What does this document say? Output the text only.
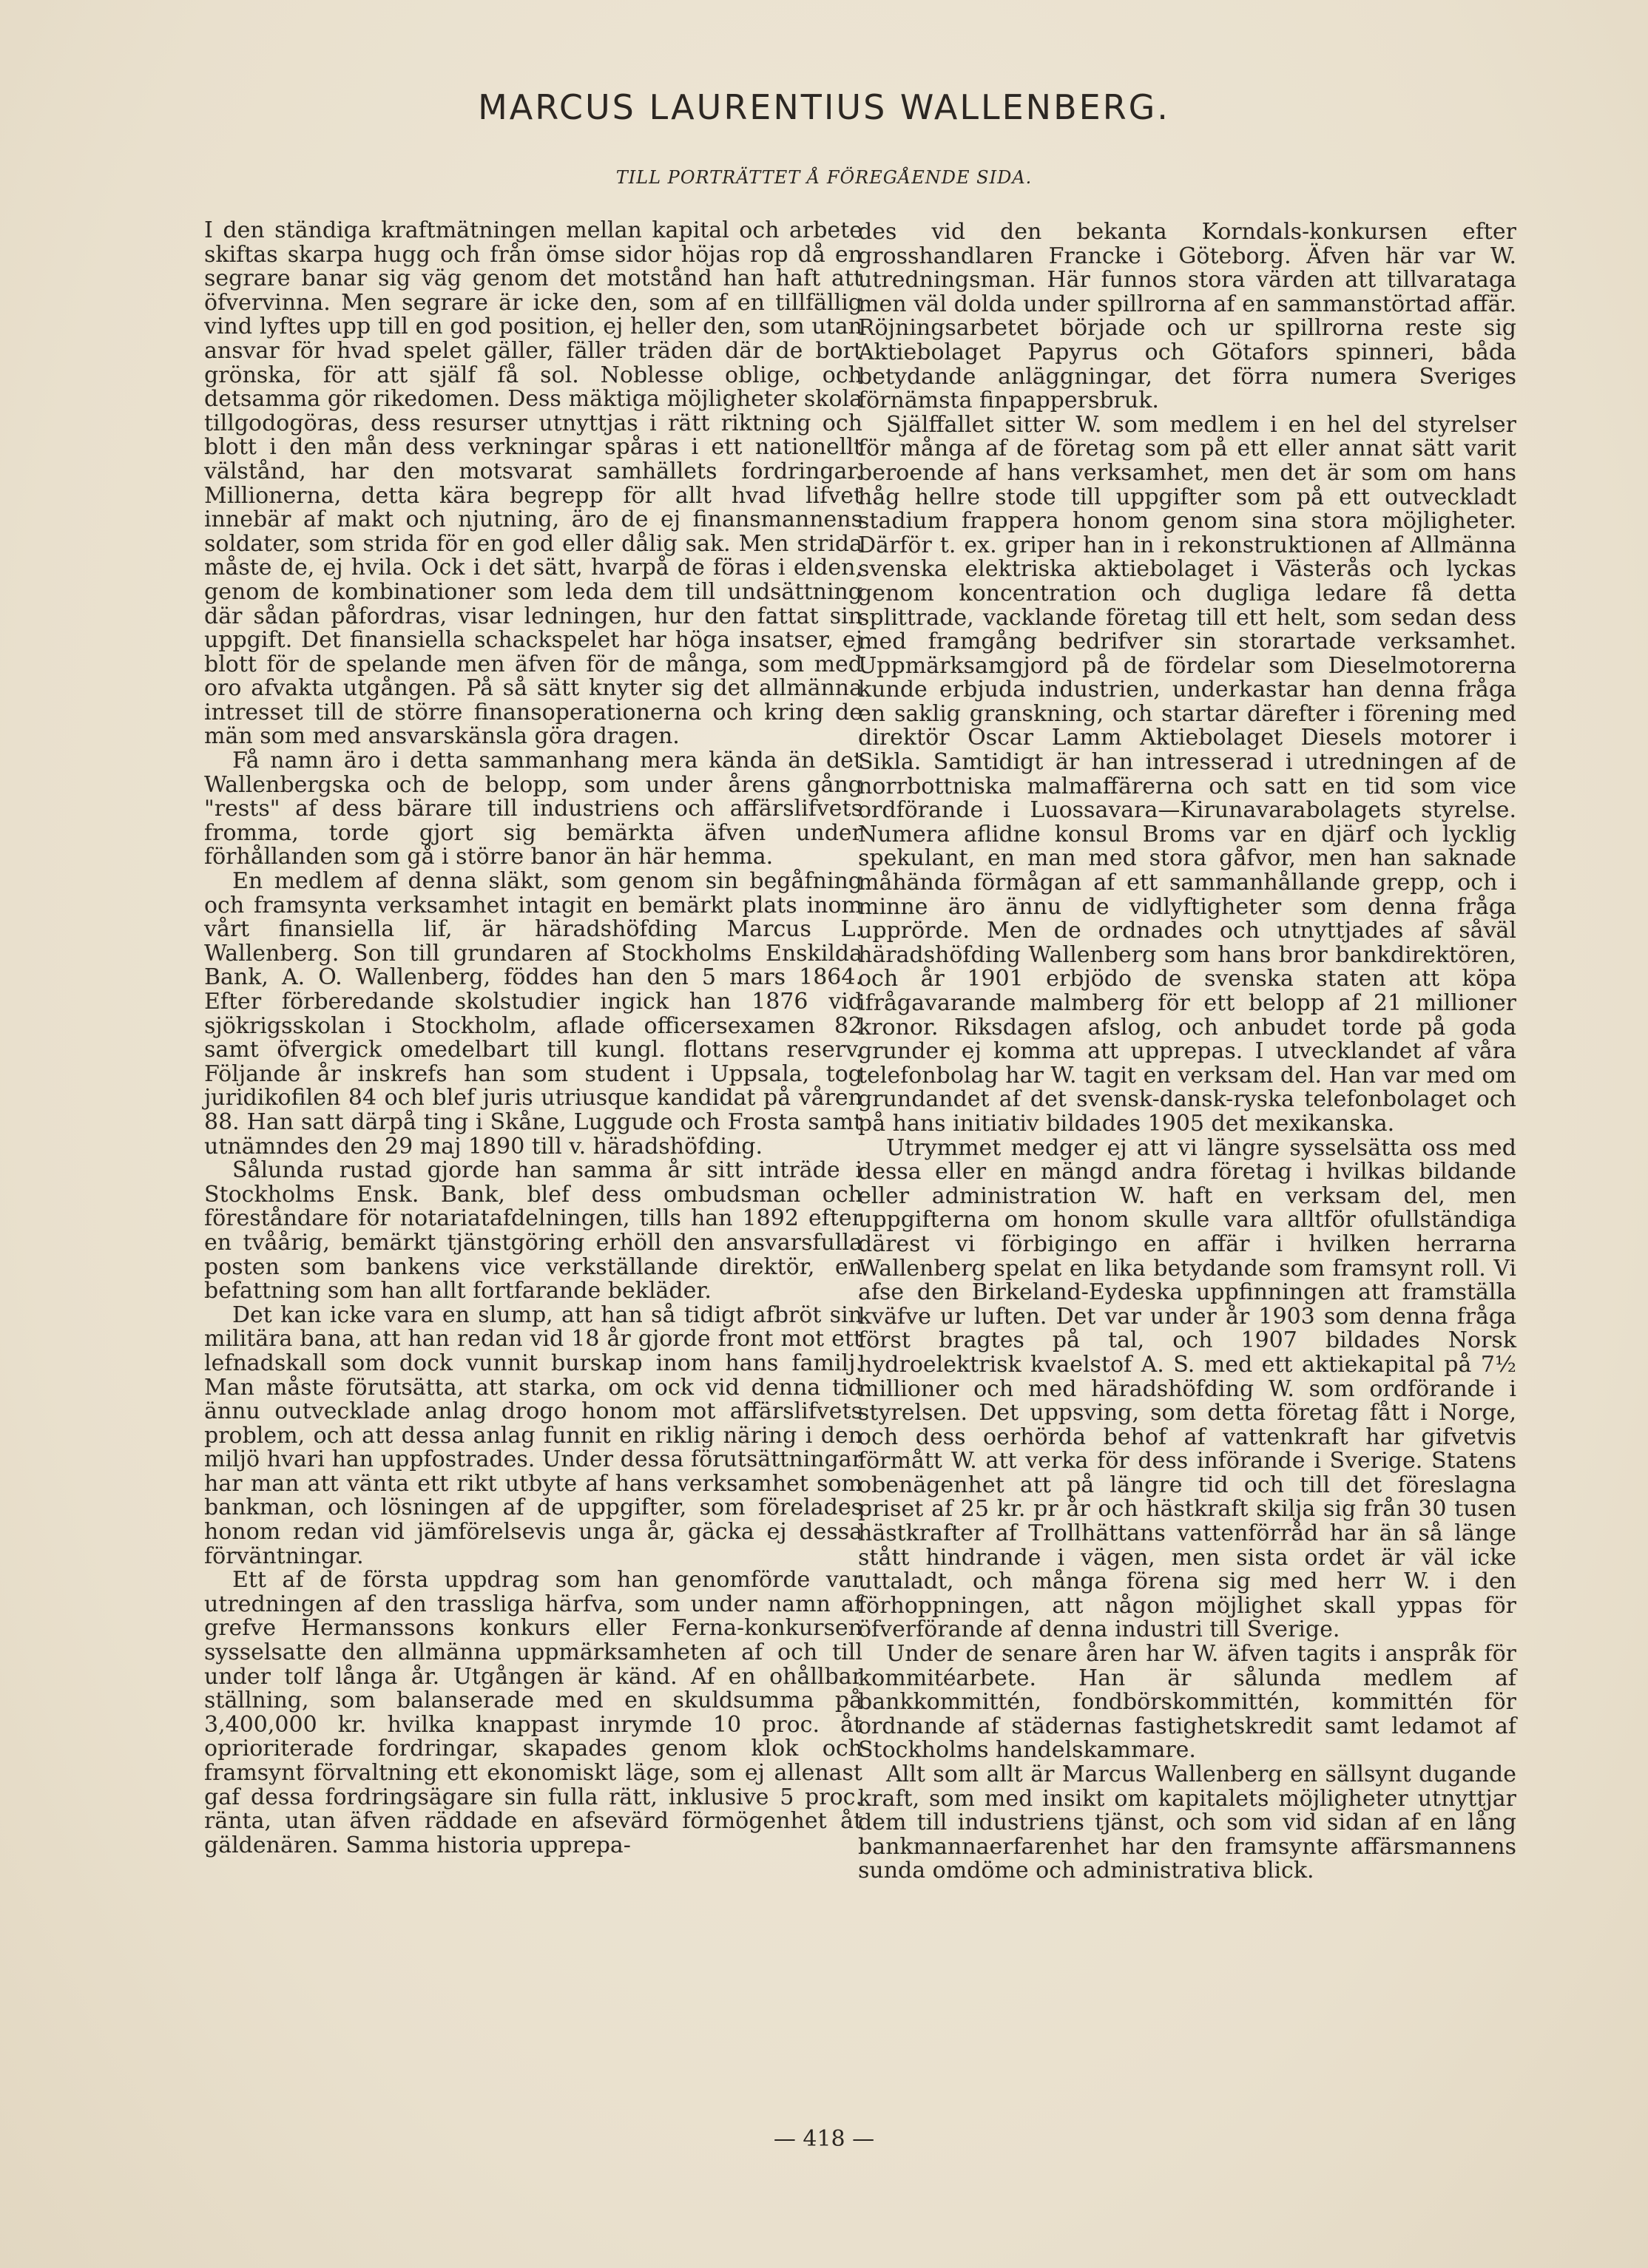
MARCUS LAURENTIUS WALLENBERG.
TILL PORTRÄTTET Å FÖREGÅENDE SIDA.

I den ständiga kraftmätningen mellan kapital och arbete skiftas skarpa hugg och från ömse sidor höjas rop då en segrare banar sig väg genom det motstånd han haft att öfvervinna. Men segrare är icke den, som af en tillfällig vind lyftes upp till en god position, ej heller den, som utan ansvar för hvad spelet gäller, fäller träden där de bort grönska, för att själf få sol. Noblesse oblige, och detsamma gör rikedomen. Dess mäktiga möjligheter skola tillgodogöras, dess resurser utnyttjas i rätt riktning och blott i den mån dess verkningar spåras i ett nationellt välstånd, har den motsvarat samhällets fordringar. Millionerna, detta kära begrepp för allt hvad lifvet innebär af makt och njutning, äro de ej finansmannens soldater, som strida för en god eller dålig sak. Men strida måste de, ej hvila. Ock i det sätt, hvarpå de föras i elden, genom de kombinationer som leda dem till undsättning där sådan påfordras, visar ledningen, hur den fattat sin uppgift. Det finansiella schackspelet har höga insatser, ej blott för de spelande men äfven för de många, som med oro afvakta utgången. På så sätt knyter sig det allmänna intresset till de större finansoperationerna och kring de män som med ansvarskänsla göra dragen.

Få namn äro i detta sammanhang mera kända än det Wallenbergska och de belopp, som under årens gång "rests" af dess bärare till industriens och affärslifvets fromma, torde gjort sig bemärkta äfven under förhållanden som gå i större banor än här hemma.

En medlem af denna släkt, som genom sin begåfning och framsynta verksamhet intagit en bemärkt plats inom vårt finansiella lif, är häradshöfding Marcus L. Wallenberg. Son till grundaren af Stockholms Enskilda Bank, A. O. Wallenberg, föddes han den 5 mars 1864. Efter förberedande skolstudier ingick han 1876 vid sjökrigsskolan i Stockholm, aflade officersexamen 82 samt öfvergick omedelbart till kungl. flottans reserv. Följande år inskrefs han som student i Uppsala, tog juridikofilen 84 och blef juris utriusque kandidat på våren 88. Han satt därpå ting i Skåne, Luggude och Frosta samt utnämndes den 29 maj 1890 till v. häradshöfding.

Sålunda rustad gjorde han samma år sitt inträde i Stockholms Ensk. Bank, blef dess ombudsman och föreståndare för notariatafdelningen, tills han 1892 efter en tvåårig, bemärkt tjänstgöring erhöll den ansvarsfulla posten som bankens vice verkställande direktör, en befattning som han allt fortfarande bekläder.

Det kan icke vara en slump, att han så tidigt afbröt sin militära bana, att han redan vid 18 år gjorde front mot ett lefnadskall som dock vunnit burskap inom hans familj. Man måste förutsätta, att starka, om ock vid denna tid ännu outvecklade anlag drogo honom mot affärslifvets problem, och att dessa anlag funnit en riklig näring i den miljö hvari han uppfostrades. Under dessa förutsättningar har man att vänta ett rikt utbyte af hans verksamhet som bankman, och lösningen af de uppgifter, som förelades honom redan vid jämförelsevis unga år, gäcka ej dessa förväntningar.

Ett af de första uppdrag som han genomförde var utredningen af den trassliga härfva, som under namn af grefve Hermanssons konkurs eller Ferna-konkursen sysselsatte den allmänna uppmärksamheten af och till under tolf långa år. Utgången är känd. Af en ohållbar ställning, som balanserade med en skuldsumma på 3,400,000 kr. hvilka knappast inrymde 10 proc. åt oprioriterade fordringar, skapades genom klok och framsynt förvaltning ett ekonomiskt läge, som ej allenast gaf dessa fordringsägare sin fulla rätt, inklusive 5 proc. ränta, utan äfven räddade en afsevärd förmögenhet åt gäldenären. Samma historia upprepa-

des vid den bekanta Korndals-konkursen efter grosshandlaren Francke i Göteborg. Äfven här var W. utredningsman. Här funnos stora värden att tillvaratagа men väl dolda under spillrorna af en sammanstörtad affär. Röjningsarbetet började och ur spillrorna reste sig Aktiebolaget Papyrus och Götafors spinneri, båda betydande anläggningar, det förra numera Sveriges förnämsta finpappersbruk.

Själffallet sitter W. som medlem i en hel del styrelser för många af de företag som på ett eller annat sätt varit beroende af hans verksamhet, men det är som om hans håg hellre stode till uppgifter som på ett outveckladt stadium frappera honom genom sina stora möjligheter. Därför t. ex. griper han in i rekonstruktionen af Allmänna svenska elektriska aktiebolaget i Västerås och lyckas genom koncentration och dugliga ledare få detta splittrade, vacklande företag till ett helt, som sedan dess med framgång bedrifver sin storartade verksamhet. Uppmärksamgjord på de fördelar som Dieselmotorerna kunde erbjuda industrien, underkastar han denna fråga en saklig granskning, och startar därefter i förening med direktör Oscar Lamm Aktiebolaget Diesels motorer i Sikla. Samtidigt är han intresserad i utredningen af de norrbottniska malmaffärerna och satt en tid som vice ordförande i Luossavara—Kirunavarabolagets styrelse. Numera aflidne konsul Broms var en djärf och lycklig spekulant, en man med stora gåfvor, men han saknade måhända förmågan af ett sammanhållande grepp, och i minne äro ännu de vidlyftigheter som denna fråga upprörde. Men de ordnades och utnyttjades af såväl häradshöfding Wallenberg som hans bror bankdirektören, och år 1901 erbjödo de svenska staten att köpa ifrågavarande malmberg för ett belopp af 21 millioner kronor. Riksdagen afslog, och anbudet torde på goda grunder ej komma att upprepas. I utvecklandet af våra telefonbolag har W. tagit en verksam del. Han var med om grundandet af det svensk-dansk-ryska telefonbolaget och på hans initiativ bildades 1905 det mexikanska.

Utrymmet medger ej att vi längre sysselsätta oss med dessa eller en mängd andra företag i hvilkas bildande eller administration W. haft en verksam del, men uppgifterna om honom skulle vara alltför ofullständiga därest vi förbigingo en affär i hvilken herrarna Wallenberg spelat en lika betydande som framsynt roll. Vi afse den Birkeland-Eydeska uppfinningen att framställa kväfve ur luften. Det var under år 1903 som denna fråga först bragtes på tal, och 1907 bildades Norsk hydroelektrisk kvaelstof A. S. med ett aktiekapital på 7½ millioner och med häradshöfding W. som ordförande i styrelsen. Det uppsving, som detta företag fått i Norge, och dess oerhörda behof af vattenkraft har gifvetvis förmått W. att verka för dess införande i Sverige. Statens obenägenhet att på längre tid och till det föreslagna priset af 25 kr. pr år och hästkraft skilja sig från 30 tusen hästkrafter af Trollhättans vattenförråd har än så länge stått hindrande i vägen, men sista ordet är väl icke uttaladt, och många förena sig med herr W. i den förhoppningen, att någon möjlighet skall yppas för öfverförande af denna industri till Sverige.

Under de senare åren har W. äfven tagits i anspråk för kommitéarbete. Han är sålunda medlem af bankkommittén, fondbörskommittén, kommittén för ordnande af städernas fastighetskredit samt ledamot af Stockholms handelskammare.

Allt som allt är Marcus Wallenberg en sällsynt dugande kraft, som med insikt om kapitalets möjligheter utnyttjar dem till industriens tjänst, och som vid sidan af en lång bankmannaerfarenhet har den framsynte affärsmannens sunda omdöme och administrativa blick.

— 418 —
